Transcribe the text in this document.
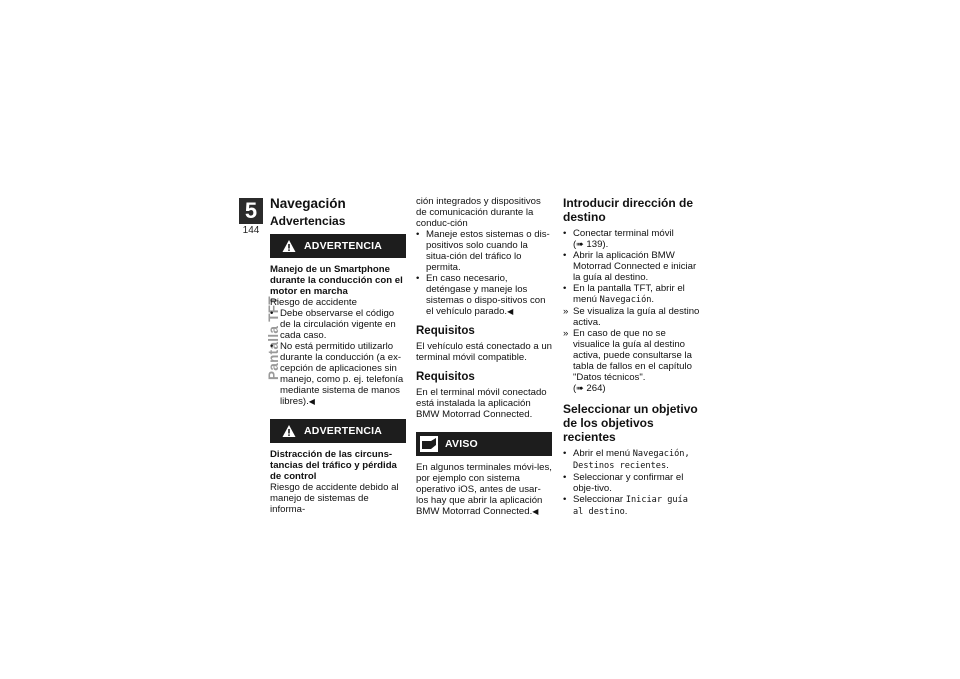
5
144
Pantalla TFT
Navegación
Advertencias
ADVERTENCIA

Manejo de un Smartphone durante la conducción con el motor en marcha

Riesgo de accidente

• Debe observarse el código de la circulación vigente en cada caso.
• No está permitido utilizarlo durante la conducción (a ex-cepción de aplicaciones sin manejo, como p. ej. telefonía mediante sistema de manos libres).◀
ADVERTENCIA

Distracción de las circuns-tancias del tráfico y pérdida de control

Riesgo de accidente debido al manejo de sistemas de informa-

ción integrados y dispositivos de comunicación durante la conduc-ción

• Maneje estos sistemas o dis-positivos solo cuando la situa-ción del tráfico lo permita.
• En caso necesario, deténgase y maneje los sistemas o dispo-sitivos con el vehículo parado.◀
Requisitos

El vehículo está conectado a un terminal móvil compatible.

Requisitos

En el terminal móvil conectado está instalada la aplicación BMW Motorrad Connected.

AVISO

En algunos terminales móvi-les, por ejemplo con sistema operativo iOS, antes de usar-los hay que abrir la aplicación BMW Motorrad Connected.◀

Introducir dirección de destino
• Conectar terminal móvil
(➠ 139).
• Abrir la aplicación BMW Motorrad Connected e iniciar la guía al destino.
• En la pantalla TFT, abrir el menú Navegación.
» Se visualiza la guía al destino activa.
» En caso de que no se visualice la guía al destino activa, puede consultarse la tabla de fallos en el capítulo "Datos técnicos".
(➠ 264)
Seleccionar un objetivo de los objetivos recientes
• Abrir el menú Navegación, Destinos recientes.
• Seleccionar y confirmar el obje-tivo.
• Seleccionar Iniciar guía al destino.
